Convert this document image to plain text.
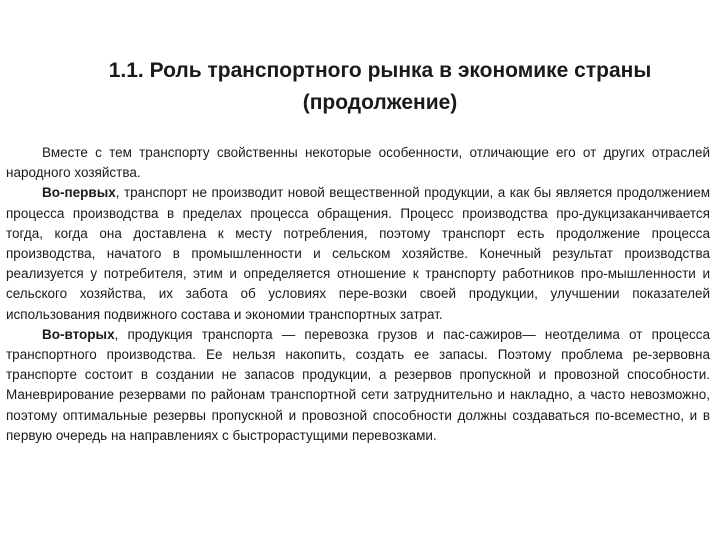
1.1. Роль транспортного рынка в экономике страны
(продолжение)

Вместе с тем транспорту свойственны некоторые особенности, отличающие его от других отраслей народного хозяйства.

Во-первых, транспорт не производит новой вещественной продукции, а как бы является продолжением процесса производства в пределах процесса обращения. Процесс производства про-дукцизаканчивается тогда, когда она доставлена к месту потребления, поэтому транспорт есть продолжение процесса производства, начатого в промышленности и сельском хозяйстве. Конечный результат производства реализуется у потребителя, этим и определяется отношение к транспорту работников про-мышленности и сельского хозяйства, их забота об условиях пере-возки своей продукции, улучшении показателей использования подвижного состава и экономии транспортных затрат.

Во-вторых, продукция транспорта — перевозка грузов и пас-сажиров— неотделима от процесса транспортного производства. Ее нельзя накопить, создать ее запасы. Поэтому проблема ре-зервовна транспорте состоит в создании не запасов продукции, а резервов пропускной и провозной способности. Маневрирование резервами по районам транспортной сети затруднительно и накладно, а часто невозможно, поэтому оптимальные резервы пропускной и провозной способности должны создаваться по-всеместно, и в первую очередь на направлениях с быстрорастущими перевозками.
